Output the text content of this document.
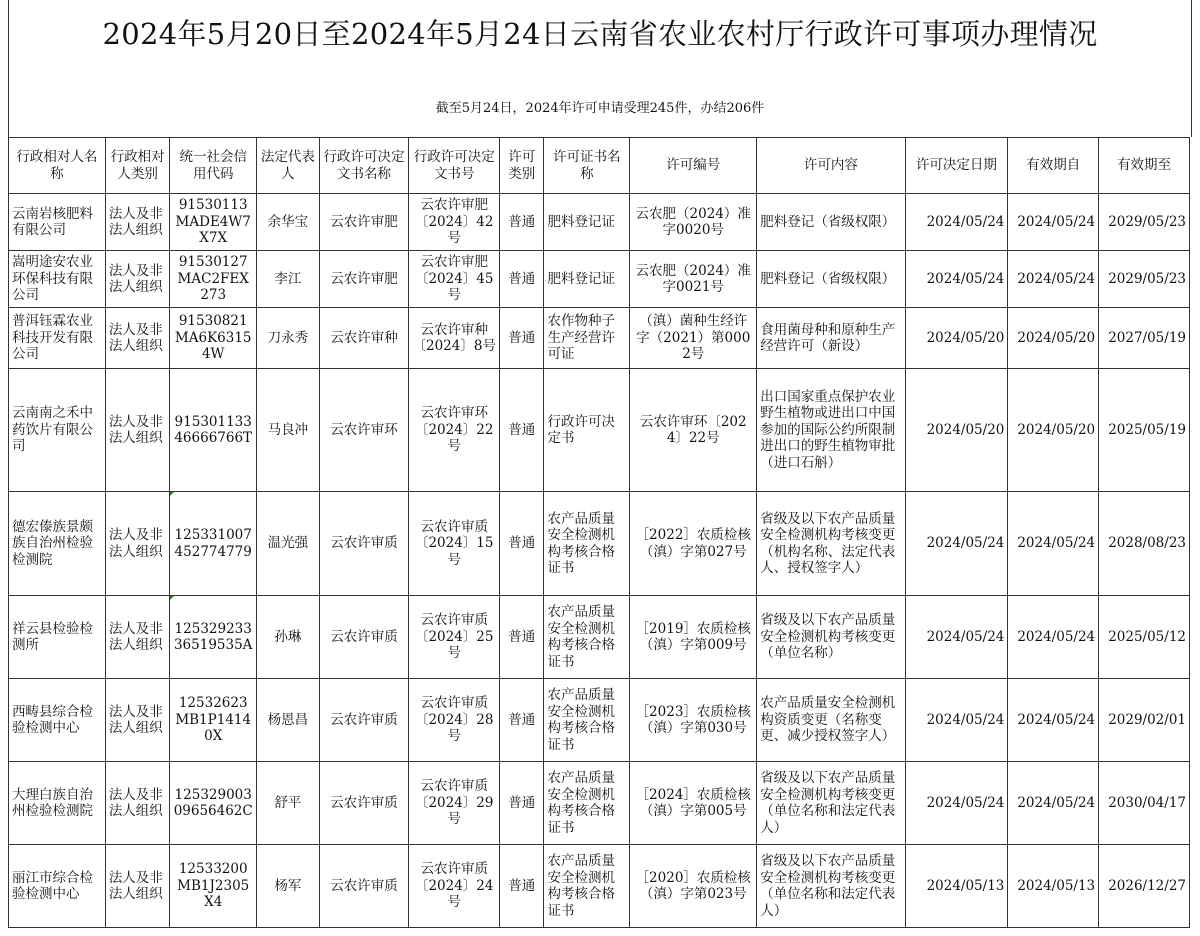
2024年5月20日至2024年5月24日云南省农业农村厅行政许可事项办理情况
截至5月24日，2024年许可申请受理245件，办结206件
行政相对人名称	行政相对人类别	统一社会信用代码	法定代表人	行政许可决定文书名称	行政许可决定文书号	许可类别	许可证书名称	许可编号	许可内容	许可决定日期	有效期自	有效期至
云南岩核肥料有限公司	法人及非法人组织	91530113MADE4W7X7X	余华宝	云农许审肥	云农许审肥〔2024〕42号	普通	肥料登记证	云农肥（2024）准字0020号	肥料登记（省级权限）	2024/05/24	2024/05/24	2029/05/23
嵩明途安农业环保科技有限公司	法人及非法人组织	91530127MAC2FEX273	李江	云农许审肥	云农许审肥〔2024〕45号	普通	肥料登记证	云农肥（2024）准字0021号	肥料登记（省级权限）	2024/05/24	2024/05/24	2029/05/23
普洱钰霖农业科技开发有限公司	法人及非法人组织	91530821MA6K63154W	刀永秀	云农许审种	云农许审种〔2024〕8号	普通	农作物种子生产经营许可证	（滇）菌种生经许字（2021）第0002号	食用菌母种和原种生产经营许可（新设）	2024/05/20	2024/05/20	2027/05/19
云南南之禾中药饮片有限公司	法人及非法人组织	91530113346666766T	马良冲	云农许审环	云农许审环〔2024〕22号	普通	行政许可决定书	云农许审环〔2024〕22号	出口国家重点保护农业野生植物或进出口中国参加的国际公约所限制进出口的野生植物审批（进口石斛）	2024/05/20	2024/05/20	2025/05/19
德宏傣族景颇族自治州检验检测院	法人及非法人组织	12533100745277477​9	温光强	云农许审质	云农许审质〔2024〕15号	普通	农产品质量安全检测机构考核合格证书	［2022］农质检核（滇）字第027号	省级及以下农产品质量安全检测机构考核变更（机构名称、法定代表人、授权签字人）	2024/05/24	2024/05/24	2028/08/23
祥云县检验检测所	法人及非法人组织	12532923336519535A	孙琳	云农许审质	云农许审质〔2024〕25号	普通	农产品质量安全检测机构考核合格证书	［2019］农质检核（滇）字第009号	省级及以下农产品质量安全检测机构考核变更（单位名称）	2024/05/24	2024/05/24	2025/05/12
西畴县综合检验检测中心	法人及非法人组织	12532623MB1P14140X	杨恩昌	云农许审质	云农许审质〔2024〕28号	普通	农产品质量安全检测机构考核合格证书	［2023］农质检核（滇）字第030号	农产品质量安全检测机构资质变更（名称变更、减少授权签字人）	2024/05/24	2024/05/24	2029/02/01
大理白族自治州检验检测院	法人及非法人组织	12532900309656462C	舒平	云农许审质	云农许审质〔2024〕29号	普通	农产品质量安全检测机构考核合格证书	［2024］农质检核（滇）字第005号	省级及以下农产品质量安全检测机构考核变更（单位名称和法定代表人）	2024/05/24	2024/05/24	2030/04/17
丽江市综合检验检测中心	法人及非法人组织	12533200MB1J2305X4	杨军	云农许审质	云农许审质〔2024〕24号	普通	农产品质量安全检测机构考核合格证书	［2020］农质检核（滇）字第023号	省级及以下农产品质量安全检测机构考核变更（单位名称和法定代表人）	2024/05/13	2024/05/13	2026/12/27
